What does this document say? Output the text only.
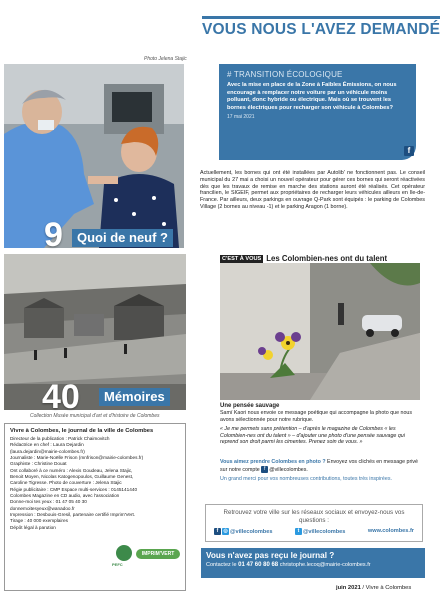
VOUS NOUS L'AVEZ DEMANDÉ
Photo Jelena Stajic
9	Quoi de neuf ?
40	Mémoires
Collection Musée municipal d'art et d'histoire de Colombes
Vivre à Colombes, le journal de la ville de Colombes
Directeur de la publication : Patrick Chaimovitch
Rédactrice en chef : Laura Dejardin
(laura.dejardin@mairie-colombes.fr)
Journaliste : Marie-Noëlle Frison (mnfrison@mairie-colombes.fr)
Graphiste : Christine Douat
Ont collaboré à ce numéro : Alexis Goudeau, Jelena Stajic,
Benoit Moyen, Nicolas Katogenopoulos, Guillaume Genest,
Caroline Tigresse. Photo de couverture : Jelena Stajic
Régie publicitaire : CMP Espace multi-services : 0145141440
Colombes Magazine en CD audio, avec l'association
Donne-moi tes yeux : 01 47 05 40 30
donnemoitesyeux@wanadoo.fr
Impression : Desbouis-Gresil, partenaire certifié Imprim'Vert.
Tirage : 40 000 exemplaires
Dépôt légal à parution
PEFC
IMPRIM'VERT
# TRANSITION ÉCOLOGIQUE
Avec la mise en place de la Zone à Faibles Émissions, on nous encourage à remplacer notre voiture par un véhicule moins polluant, donc hybride ou électrique. Mais où se trouvent les bornes électriques pour recharger son véhicule à Colombes?
17 mai 2021
f
Actuellement, les bornes qui ont été installées par Autolib' ne fonctionnent pas. Le conseil municipal du 27 mai a choisi un nouvel opérateur pour gérer ces bornes qui seront réactivées dès que les travaux de remise en marche des stations auront été réalisés. Cet opérateur francilien, le SIGEIF, permet aux propriétaires de recharger leurs véhicules ailleurs en Ile-de-France. Par ailleurs, deux parkings en ouvrage Q-Park sont équipés : le parking de Colombes Village (2 bornes au niveau -1) et le parking Aragon (1 borne).
C'EST À VOUS Les Colombien-nes ont du talent
Une pensée sauvage
Samï Kaori nous envoie ce message poétique qui accompagne la photo que nous avons sélectionnée pour notre rubrique.
« Je me permets sans prétention – d'après le magazine de Colombes « les Colombien-nes ont du talent » – d'ajouter une photo d'une pensée sauvage qui reprend son droit parmi les cimentes. Prenez soin de vous. »
Vous aimez prendre Colombes en photo ? Envoyez vos clichés en message privé sur notre compte f @villecolombes.
Un grand merci pour vos nombreuses contributions, toutes très inspirées.
Retrouvez votre ville sur les réseaux sociaux et envoyez-nous vos questions :
f ◎ @villecolombes	t @villecolombes	www.colombes.fr
Vous n'avez pas reçu le journal ?
Contactez le 01 47 60 80 68 christophe.lecoq@mairie-colombes.fr
juin 2021 / Vivre à Colombes
